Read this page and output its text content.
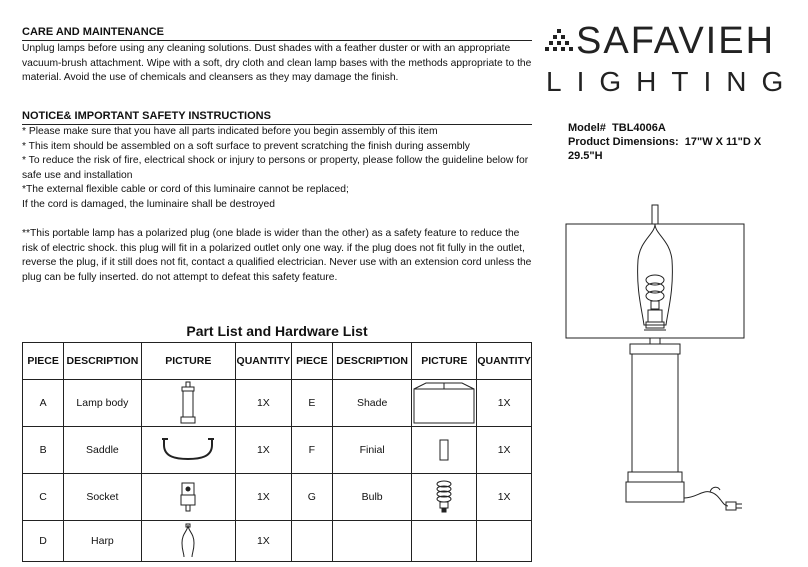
CARE AND MAINTENANCE

Unplug lamps before using any cleaning solutions. Dust shades with a feather duster or with an appropriate vacuum-brush attachment. Wipe with a soft, dry cloth and clean lamp bases with the methods appropriate to the material. Avoid the use of chemicals and cleansers as they may damage the finish.

NOTICE& IMPORTANT SAFETY INSTRUCTIONS

* Please make sure that you have all parts indicated before you begin assembly of this item

* This item should be assembled on a soft surface to prevent scratching the finish during assembly

* To reduce the risk of fire, electrical shock or injury to persons or property, please follow the guideline below for safe use and installation

*The external flexible cable or cord of this luminaire cannot be replaced;

If the cord is damaged, the luminaire shall be destroyed

**This portable lamp has a polarized plug (one blade is wider than the other) as a safety feature to reduce the risk of electric shock. this plug will fit in a polarized outlet only one way. if the plug does not fit fully in the outlet, reverse the plug, if it still does not fit, contact a qualified electrician. Never use with an extension cord unless the plug can be fully inserted. do not attempt to defeat this safety feature.

SAFAVIEH
LIGHTING
Model# TBL4006A
Product Dimensions: 17"W X 11"D X
29.5"H
Part List and Hardware List
PIECE	DESCRIPTION	PICTURE	QUANTITY	PIECE	DESCRIPTION	PICTURE	QUANTITY
A	Lamp body		1X	E	Shade		1X
B	Saddle		1X	F	Finial		1X
C	Socket		1X	G	Bulb		1X
D	Harp		1X				
